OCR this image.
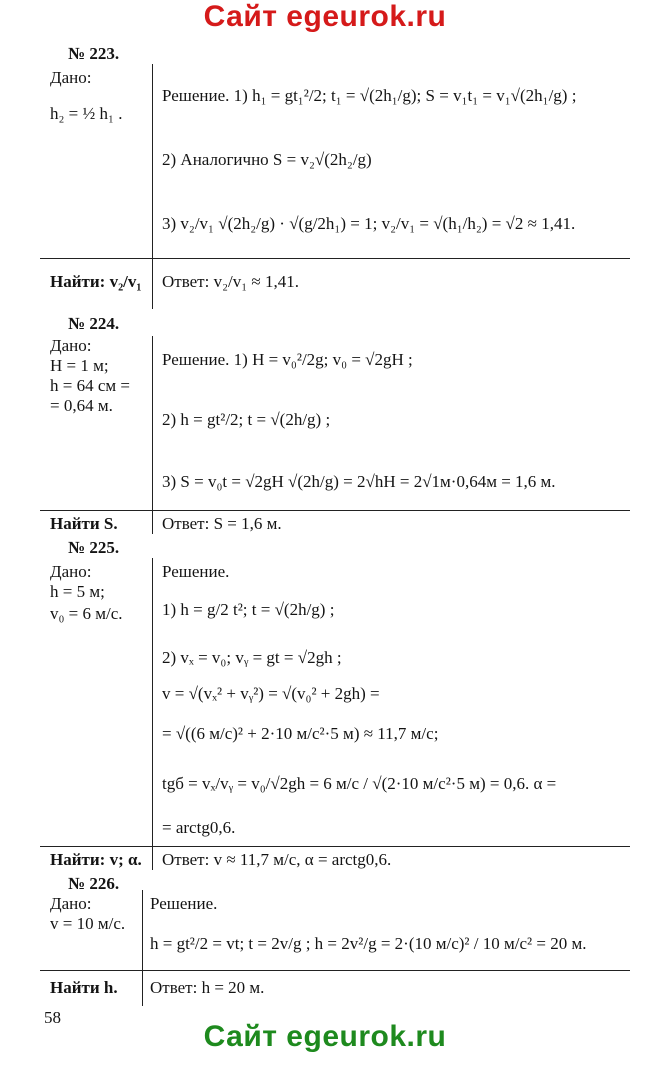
Сайт egeurok.ru
Сайт egeurok.ru
№ 223.
Дано:
h₂ = ½ h₁ .
Решение. 1) h₁ = gt₁²/2; t₁ = √(2h₁/g); S = v₁t₁ = v₁√(2h₁/g) ;
2) Аналогично S = v₂√(2h₂/g)
3) v₂/v₁ √(2h₂/g) · √(g/2h₁) = 1; v₂/v₁ = √(h₁/h₂) = √2 ≈ 1,41.
Найти: v₂/v₁ Ответ: v₂/v₁ ≈ 1,41.
№ 224.
Дано:
H = 1 м;
h = 64 см =
= 0,64 м.
Решение. 1) H = v₀²/2g; v₀ = √2gH ;
2) h = gt²/2; t = √(2h/g) ;
3) S = v₀t = √2gH √(2h/g) = 2√hH = 2√1м·0,64м = 1,6 м.
Найти S.	Ответ: S = 1,6 м.
№ 225.
Дано:
h = 5 м;
v₀ = 6 м/с.
Решение.
1) h = g/2 t²; t = √(2h/g) ;
2) vₓ = v₀; vᵧ = gt = √2gh ;
v = √(vₓ² + vᵧ²) = √(v₀² + 2gh) =
= √((6 м/с)² + 2·10 м/с²·5 м) ≈ 11,7 м/с;
tgб = vₓ/vᵧ = v₀/√2gh = 6 м/с / √(2·10 м/с²·5 м) = 0,6. α =
= arctg0,6.
Найти: v; α. Ответ: v ≈ 11,7 м/с, α = arctg0,6.
№ 226.
Дано:
v = 10 м/с.
Решение.
h = gt²/2 = vt; t = 2v/g ; h = 2v²/g = 2·(10 м/с)² / 10 м/с² = 20 м.
Найти h. Ответ: h = 20 м.
58
